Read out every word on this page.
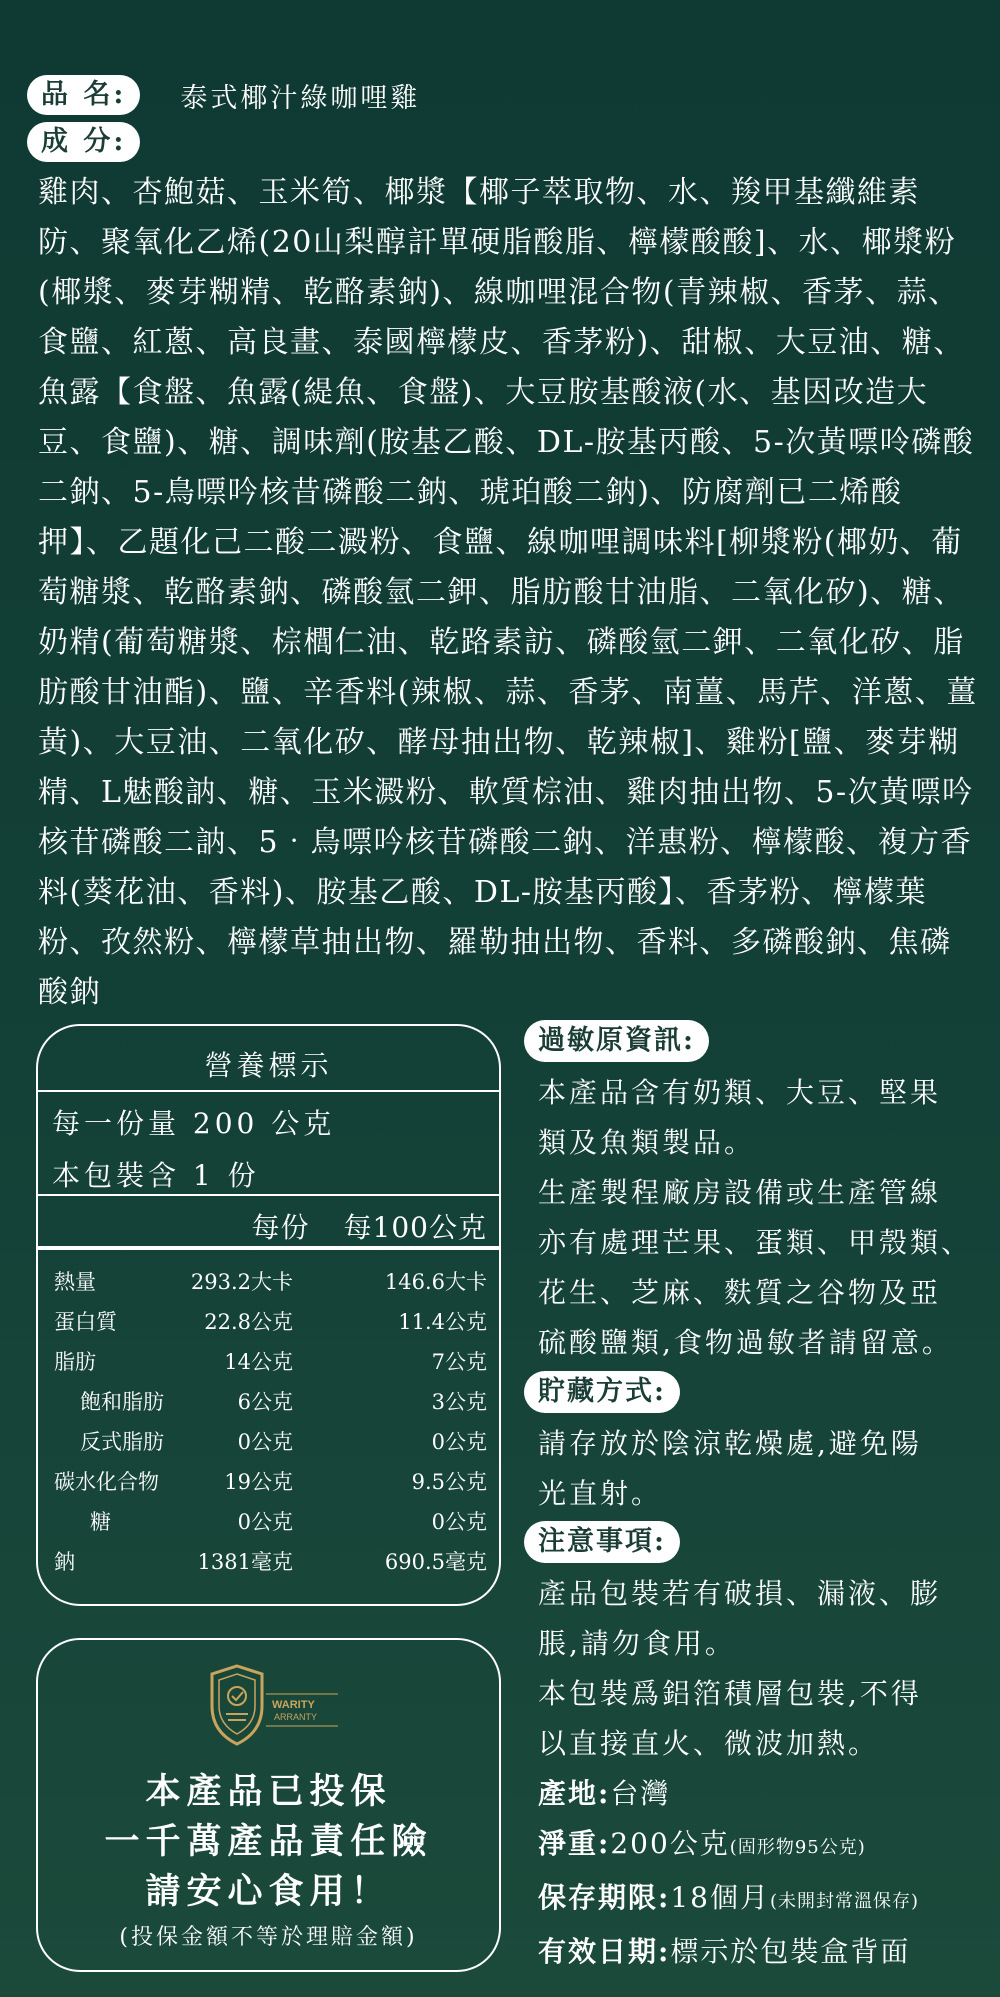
品 名:	泰式椰汁綠咖哩雞
成 分:
雞肉、杏鮑菇、玉米筍、椰漿【椰子萃取物、水、羧甲基纖維素防、聚氧化乙烯(20山梨醇訐單硬脂酸脂、檸檬酸酸]、水、椰漿粉(椰漿、麥芽糊精、乾酪素鈉)、線咖哩混合物(青辣椒、香茅、蒜、食鹽、紅蔥、高良畫、泰國檸檬皮、香茅粉)、甜椒、大豆油、糖、魚露【食盤、魚露(緹魚、食盤)、大豆胺基酸液(水、基因改造大豆、食鹽)、糖、調味劑(胺基乙酸、DL-胺基丙酸、5-次黃嘌呤磷酸二鈉、5-鳥嘌吟核昔磷酸二鈉、琥珀酸二鈉)、防腐劑已二烯酸押】、乙題化己二酸二澱粉、食鹽、線咖哩調味料[柳漿粉(椰奶、葡萄糖漿、乾酪素鈉、磷酸氫二鉀、脂肪酸甘油脂、二氧化矽)、糖、奶精(葡萄糖漿、棕櫚仁油、乾路素訪、磷酸氫二鉀、二氧化矽、脂肪酸甘油酯)、鹽、辛香料(辣椒、蒜、香茅、南薑、馬芹、洋蔥、薑黃)、大豆油、二氧化矽、酵母抽出物、乾辣椒]、雞粉[鹽、麥芽糊精、L魅酸訥、糖、玉米澱粉、軟質棕油、雞肉抽出物、5-次黃嘌吟核苷磷酸二訥、5‧鳥嘌吟核苷磷酸二鈉、洋惠粉、檸檬酸、複方香料(葵花油、香料)、胺基乙酸、DL-胺基丙酸】、香茅粉、檸檬葉粉、孜然粉、檸檬草抽出物、羅勒抽出物、香料、多磷酸鈉、焦磷酸鈉
營養標示
每一份量 200 公克
本包裝含 1 份
每份 每100公克
熱量	293.2大卡	146.6大卡
蛋白質	22.8公克	11.4公克
脂肪	14公克	7公克
飽和脂肪	6公克	3公克
反式脂肪	0公克	0公克
碳水化合物	19公克	9.5公克
糖	0公克	0公克
鈉	1381毫克	690.5毫克
WARITY
ARRANTY
本產品已投保
一千萬產品責任險
請安心食用！
(投保金額不等於理賠金額)
過敏原資訊:
本產品含有奶類、大豆、堅果
類及魚類製品。
生產製程廠房設備或生產管線
亦有處理芒果、蛋類、甲殼類、
花生、芝麻、麩質之谷物及亞
硫酸鹽類,食物過敏者請留意。
貯藏方式:
請存放於陰涼乾燥處,避免陽
光直射。
注意事項:
產品包裝若有破損、漏液、膨
脹,請勿食用。
本包裝爲鋁箔積層包裝,不得
以直接直火、微波加熱。
產地:台灣
淨重:200公克(固形物95公克)
保存期限:18個月(未開封常溫保存)
有效日期:標示於包裝盒背面
